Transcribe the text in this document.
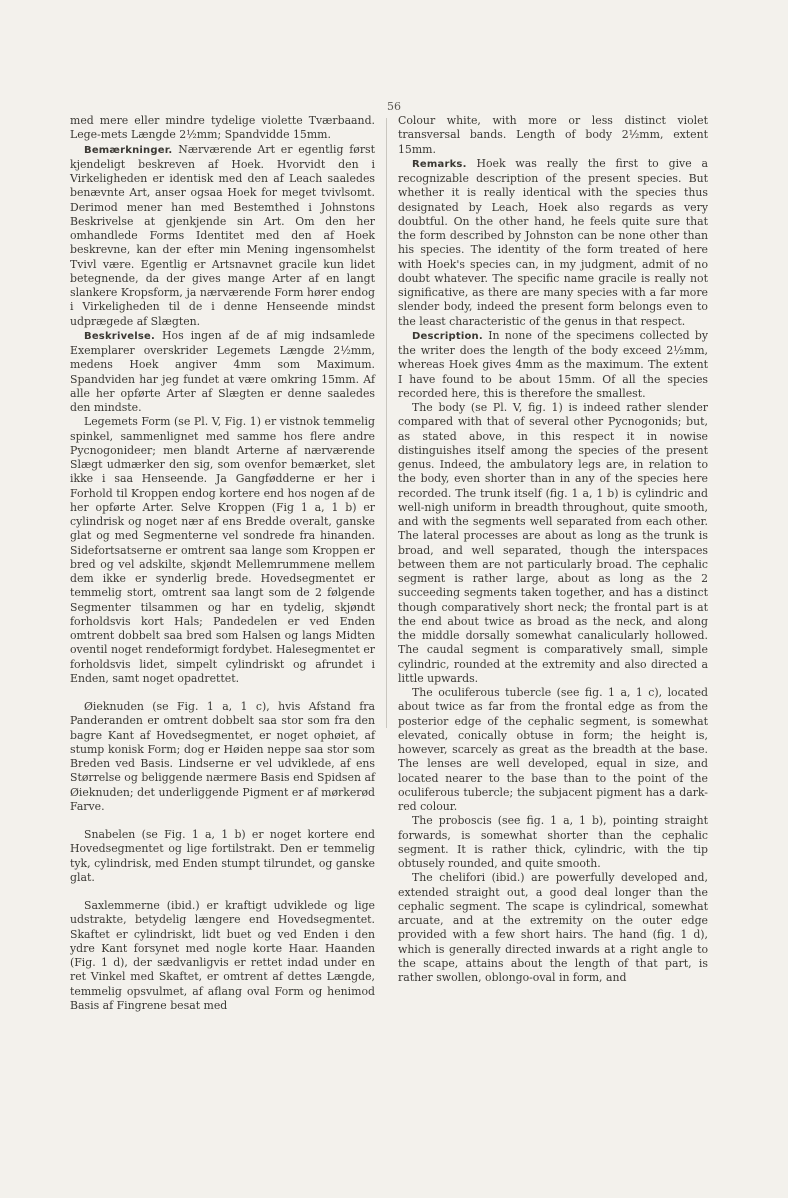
56

med mere eller mindre tydelige violette Tværbaand. Lege-mets Længde 2½mm; Spandvidde 15mm.

Bemærkninger. Nærværende Art er egentlig først kjendeligt beskreven af Hoek. Hvorvidt den i Virkeligheden er identisk med den af Leach saaledes benævnte Art, anser ogsaa Hoek for meget tvivlsomt. Derimod mener han med Bestemthed i Johnstons Beskrivelse at gjenkjende sin Art. Om den her omhandlede Forms Identitet med den af Hoek beskrevne, kan der efter min Mening ingensomhelst Tvivl være. Egentlig er Artsnavnet gracile kun lidet betegnende, da der gives mange Arter af en langt slankere Kropsform, ja nærværende Form hører endog i Virkeligheden til de i denne Henseende mindst udprægede af Slægten.

Beskrivelse. Hos ingen af de af mig indsamlede Exemplarer overskrider Legemets Længde 2½mm, medens Hoek angiver 4mm som Maximum. Spandviden har jeg fundet at være omkring 15mm. Af alle her opførte Arter af Slægten er denne saaledes den mindste.

Legemets Form (se Pl. V, Fig. 1) er vistnok temmelig spinkel, sammenlignet med samme hos flere andre Pycnogonideer; men blandt Arterne af nærværende Slægt udmærker den sig, som ovenfor bemærket, slet ikke i saa Henseende. Ja Gangfødderne er her i Forhold til Kroppen endog kortere end hos nogen af de her opførte Arter. Selve Kroppen (Fig 1 a, 1 b) er cylindrisk og noget nær af ens Bredde overalt, ganske glat og med Segmenterne vel sondrede fra hinanden. Sidefortsatserne er omtrent saa lange som Kroppen er bred og vel adskilte, skjøndt Mellemrummene mellem dem ikke er synderlig brede. Hovedsegmentet er temmelig stort, omtrent saa langt som de 2 følgende Segmenter tilsammen og har en tydelig, skjøndt forholdsvis kort Hals; Pandedelen er ved Enden omtrent dobbelt saa bred som Halsen og langs Midten oventil noget rendeformigt fordybet. Halesegmentet er forholdsvis lidet, simpelt cylindriskt og afrundet i Enden, samt noget opadrettet.

Øieknuden (se Fig. 1 a, 1 c), hvis Afstand fra Panderanden er omtrent dobbelt saa stor som fra den bagre Kant af Hovedsegmentet, er noget ophøiet, af stump konisk Form; dog er Høiden neppe saa stor som Breden ved Basis. Lindserne er vel udviklede, af ens Størrelse og beliggende nærmere Basis end Spidsen af Øieknuden; det underliggende Pigment er af mørkerød Farve.

Snabelen (se Fig. 1 a, 1 b) er noget kortere end Hovedsegmentet og lige fortilstrakt. Den er temmelig tyk, cylindrisk, med Enden stumpt tilrundet, og ganske glat.

Saxlemmerne (ibid.) er kraftigt udviklede og lige udstrakte, betydelig længere end Hovedsegmentet. Skaftet er cylindriskt, lidt buet og ved Enden i den ydre Kant forsynet med nogle korte Haar. Haanden (Fig. 1 d), der sædvanligvis er rettet indad under en ret Vinkel med Skaftet, er omtrent af dettes Længde, temmelig opsvulmet, af aflang oval Form og henimod Basis af Fingrene besat med

Colour white, with more or less distinct violet transversal bands. Length of body 2½mm, extent 15mm.

Remarks. Hoek was really the first to give a recognizable description of the present species. But whether it is really identical with the species thus designated by Leach, Hoek also regards as very doubtful. On the other hand, he feels quite sure that the form described by Johnston can be none other than his species. The identity of the form treated of here with Hoek's species can, in my judgment, admit of no doubt whatever. The specific name gracile is really not significative, as there are many species with a far more slender body, indeed the present form belongs even to the least characteristic of the genus in that respect.

Description. In none of the specimens collected by the writer does the length of the body exceed 2½mm, whereas Hoek gives 4mm as the maximum. The extent I have found to be about 15mm. Of all the species recorded here, this is therefore the smallest.

The body (se Pl. V, fig. 1) is indeed rather slender compared with that of several other Pycnogonids; but, as stated above, in this respect it in nowise distinguishes itself among the species of the present genus. Indeed, the ambulatory legs are, in relation to the body, even shorter than in any of the species here recorded. The trunk itself (fig. 1 a, 1 b) is cylindric and well-nigh uniform in breadth throughout, quite smooth, and with the segments well separated from each other. The lateral processes are about as long as the trunk is broad, and well separated, though the interspaces between them are not particularly broad. The cephalic segment is rather large, about as long as the 2 succeeding segments taken together, and has a distinct though comparatively short neck; the frontal part is at the end about twice as broad as the neck, and along the middle dorsally somewhat canalicularly hollowed. The caudal segment is comparatively small, simple cylindric, rounded at the extremity and also directed a little upwards.

The oculiferous tubercle (see fig. 1 a, 1 c), located about twice as far from the frontal edge as from the posterior edge of the cephalic segment, is somewhat elevated, conically obtuse in form; the height is, however, scarcely as great as the breadth at the base. The lenses are well developed, equal in size, and located nearer to the base than to the point of the oculiferous tubercle; the subjacent pigment has a dark-red colour.

The proboscis (see fig. 1 a, 1 b), pointing straight forwards, is somewhat shorter than the cephalic segment. It is rather thick, cylindric, with the tip obtusely rounded, and quite smooth.

The chelifori (ibid.) are powerfully developed and, extended straight out, a good deal longer than the cephalic segment. The scape is cylindrical, somewhat arcuate, and at the extremity on the outer edge provided with a few short hairs. The hand (fig. 1 d), which is generally directed inwards at a right angle to the scape, attains about the length of that part, is rather swollen, oblongo-oval in form, and
